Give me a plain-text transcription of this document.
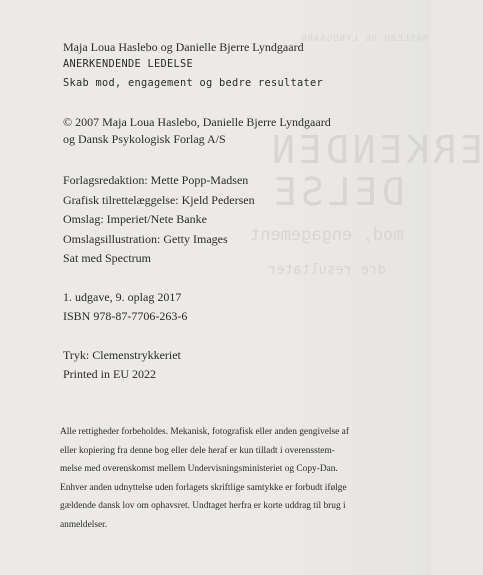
HASLEBO OG LYNDGAARD
ERKENDEN
DELSE
mod, engagement
dre resultater
Maja Loua Haslebo og Danielle Bjerre Lyndgaard
ANERKENDENDE LEDELSE
Skab mod, engagement og bedre resultater
© 2007 Maja Loua Haslebo, Danielle Bjerre Lyndgaard
og Dansk Psykologisk Forlag A/S
Forlagsredaktion: Mette Popp-Madsen
Grafisk tilrettelæggelse: Kjeld Pedersen
Omslag: Imperiet/Nete Banke
Omslagsillustration: Getty Images
Sat med Spectrum
1. udgave, 9. oplag 2017
ISBN 978-87-7706-263-6
Tryk: Clemenstrykkeriet
Printed in EU 2022
Alle rettigheder forbeholdes. Mekanisk, fotografisk eller anden gengivelse af
eller kopiering fra denne bog eller dele heraf er kun tilladt i overensstem-
melse med overenskomst mellem Undervisningsministeriet og Copy-Dan.
Enhver anden udnyttelse uden forlagets skriftlige samtykke er forbudt ifølge
gældende dansk lov om ophavsret. Undtaget herfra er korte uddrag til brug i
anmeldelser.
